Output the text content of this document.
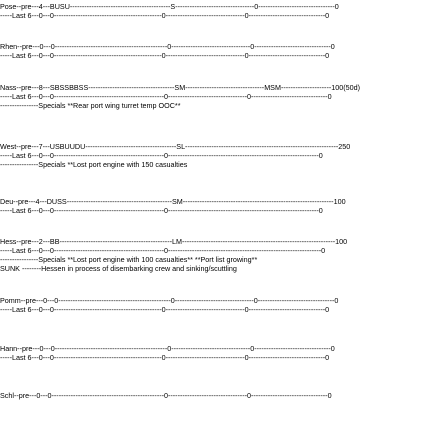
Pose--pre---4---BUSU------------------------------------------S---------------------------------0--------------------------------0
-----Last 6---0---0---------------------------------------------0---------------------------------0--------------------------------0
Rhen--pre---0---0-----------------------------------------------0---------------------------------0--------------------------------0
-----Last 6---0---0---------------------------------------------0---------------------------------0--------------------------------0
Nass--pre---8---SBSSBBSS------------------------------------SM---------------------------------MSM---------------------100(50d)
-----Last 6---0---0----------------------------------------------0---------------------------------0--------------------------------0
----------------Specials **Rear port wing turret temp OOC**
West--pre---7---USBUUDU--------------------------------------SL----------------------------------------------------------------250
-----Last 6---0---0----------------------------------------------0---------------------------------------------------------------0
----------------Specials **Lost port engine with 150 casualties
Deu--pre---4---DUSS--------------------------------------------SM---------------------------------------------------------------100
-----Last 6---0---0----------------------------------------------0---------------------------------------------------------------0
Hess--pre---2---BB-----------------------------------------------LM----------------------------------------------------------------100
-----Last 6---0---0----------------------------------------------0----------------------------------------------------------------0
----------------Specials **Lost port engine with 100 casualties** **Port list growing**
SUNK --------Hessen in process of disembarking crew and sinking/scuttling
Pomm--pre---0---0-----------------------------------------------0---------------------------------0--------------------------------0
-----Last 6---0---0---------------------------------------------0---------------------------------0--------------------------------0
Hann--pre---0---0-----------------------------------------------0---------------------------------0--------------------------------0
-----Last 6---0---0---------------------------------------------0---------------------------------0--------------------------------0
Schl--pre---0---0-----------------------------------------------0---------------------------------0--------------------------------0
